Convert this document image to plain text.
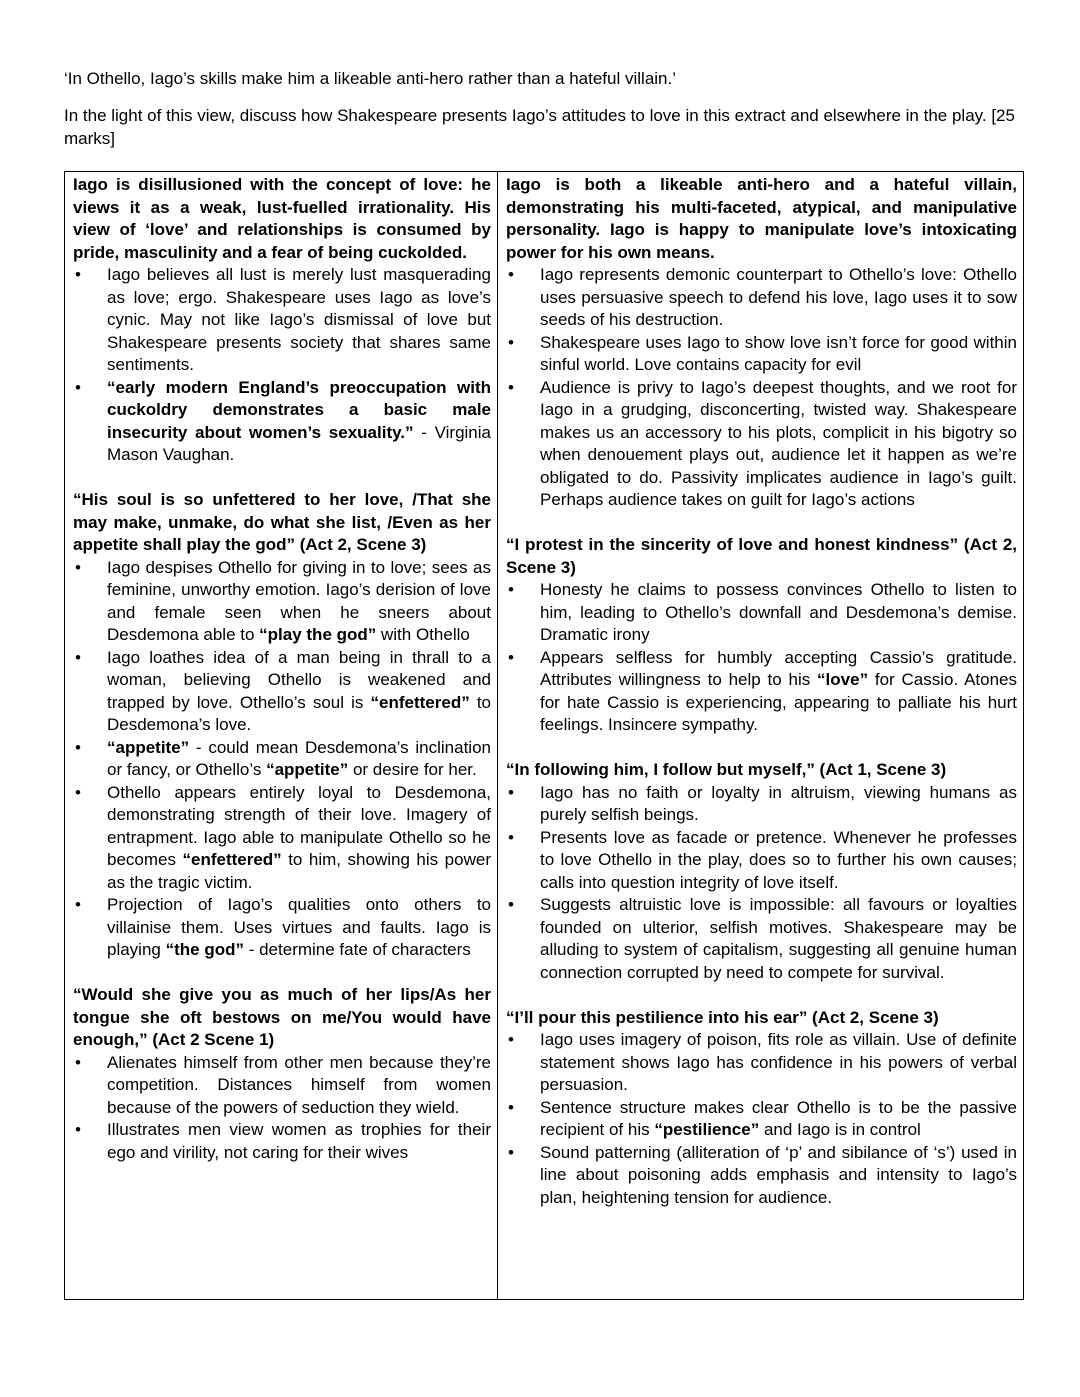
‘In Othello, Iago’s skills make him a likeable anti-hero rather than a hateful villain.’

In the light of this view, discuss how Shakespeare presents Iago’s attitudes to love in this extract and elsewhere in the play. [25 marks]

Iago is disillusioned with the concept of love: he views it as a weak, lust-fuelled irrationality. His view of ‘love’ and relationships is consumed by pride, masculinity and a fear of being cuckolded.

• Iago believes all lust is merely lust masquerading as love; ergo. Shakespeare uses Iago as love’s cynic. May not like Iago’s dismissal of love but Shakespeare presents society that shares same sentiments.
• “early modern England’s preoccupation with cuckoldry demonstrates a basic male insecurity about women’s sexuality.” - Virginia Mason Vaughan.

“His soul is so unfettered to her love, /That she may make, unmake, do what she list, /Even as her appetite shall play the god” (Act 2, Scene 3)

• Iago despises Othello for giving in to love; sees as feminine, unworthy emotion. Iago’s derision of love and female seen when he sneers about Desdemona able to “play the god” with Othello
• Iago loathes idea of a man being in thrall to a woman, believing Othello is weakened and trapped by love. Othello’s soul is “enfettered” to Desdemona’s love.
• “appetite” - could mean Desdemona’s inclination or fancy, or Othello’s “appetite” or desire for her.
• Othello appears entirely loyal to Desdemona, demonstrating strength of their love. Imagery of entrapment. Iago able to manipulate Othello so he becomes “enfettered” to him, showing his power as the tragic victim.
• Projection of Iago’s qualities onto others to villainise them. Uses virtues and faults. Iago is playing “the god” - determine fate of characters

“Would she give you as much of her lips/As her tongue she oft bestows on me/You would have enough,” (Act 2 Scene 1)

• Alienates himself from other men because they’re competition. Distances himself from women because of the powers of seduction they wield.
• Illustrates men view women as trophies for their ego and virility, not caring for their wives

Iago is both a likeable anti-hero and a hateful villain, demonstrating his multi-faceted, atypical, and manipulative personality. Iago is happy to manipulate love’s intoxicating power for his own means.

• Iago represents demonic counterpart to Othello’s love: Othello uses persuasive speech to defend his love, Iago uses it to sow seeds of his destruction.
• Shakespeare uses Iago to show love isn’t force for good within sinful world. Love contains capacity for evil
• Audience is privy to Iago’s deepest thoughts, and we root for Iago in a grudging, disconcerting, twisted way. Shakespeare makes us an accessory to his plots, complicit in his bigotry so when denouement plays out, audience let it happen as we’re obligated to do. Passivity implicates audience in Iago’s guilt. Perhaps audience takes on guilt for Iago’s actions

“I protest in the sincerity of love and honest kindness” (Act 2, Scene 3)

• Honesty he claims to possess convinces Othello to listen to him, leading to Othello’s downfall and Desdemona’s demise. Dramatic irony
• Appears selfless for humbly accepting Cassio’s gratitude. Attributes willingness to help to his “love” for Cassio. Atones for hate Cassio is experiencing, appearing to palliate his hurt feelings. Insincere sympathy.

“In following him, I follow but myself,” (Act 1, Scene 3)

• Iago has no faith or loyalty in altruism, viewing humans as purely selfish beings.
• Presents love as facade or pretence. Whenever he professes to love Othello in the play, does so to further his own causes; calls into question integrity of love itself.
• Suggests altruistic love is impossible: all favours or loyalties founded on ulterior, selfish motives. Shakespeare may be alluding to system of capitalism, suggesting all genuine human connection corrupted by need to compete for survival.

“I’ll pour this pestilience into his ear” (Act 2, Scene 3)

• Iago uses imagery of poison, fits role as villain. Use of definite statement shows Iago has confidence in his powers of verbal persuasion.
• Sentence structure makes clear Othello is to be the passive recipient of his “pestilience” and Iago is in control
• Sound patterning (alliteration of ‘p’ and sibilance of ‘s’) used in line about poisoning adds emphasis and intensity to Iago’s plan, heightening tension for audience.
